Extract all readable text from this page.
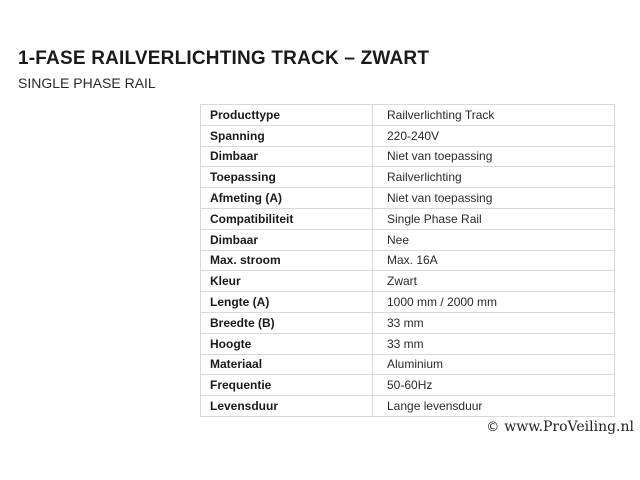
1-FASE RAILVERLICHTING TRACK – ZWART
SINGLE PHASE RAIL
Producttype	Railverlichting Track
Spanning	220-240V
Dimbaar	Niet van toepassing
Toepassing	Railverlichting
Afmeting (A)	Niet van toepassing
Compatibiliteit	Single Phase Rail
Dimbaar	Nee
Max. stroom	Max. 16A
Kleur	Zwart
Lengte (A)	1000 mm / 2000 mm
Breedte (B)	33 mm
Hoogte	33 mm
Materiaal	Aluminium
Frequentie	50-60Hz
Levensduur	Lange levensduur
© www.ProVeiling.nl
